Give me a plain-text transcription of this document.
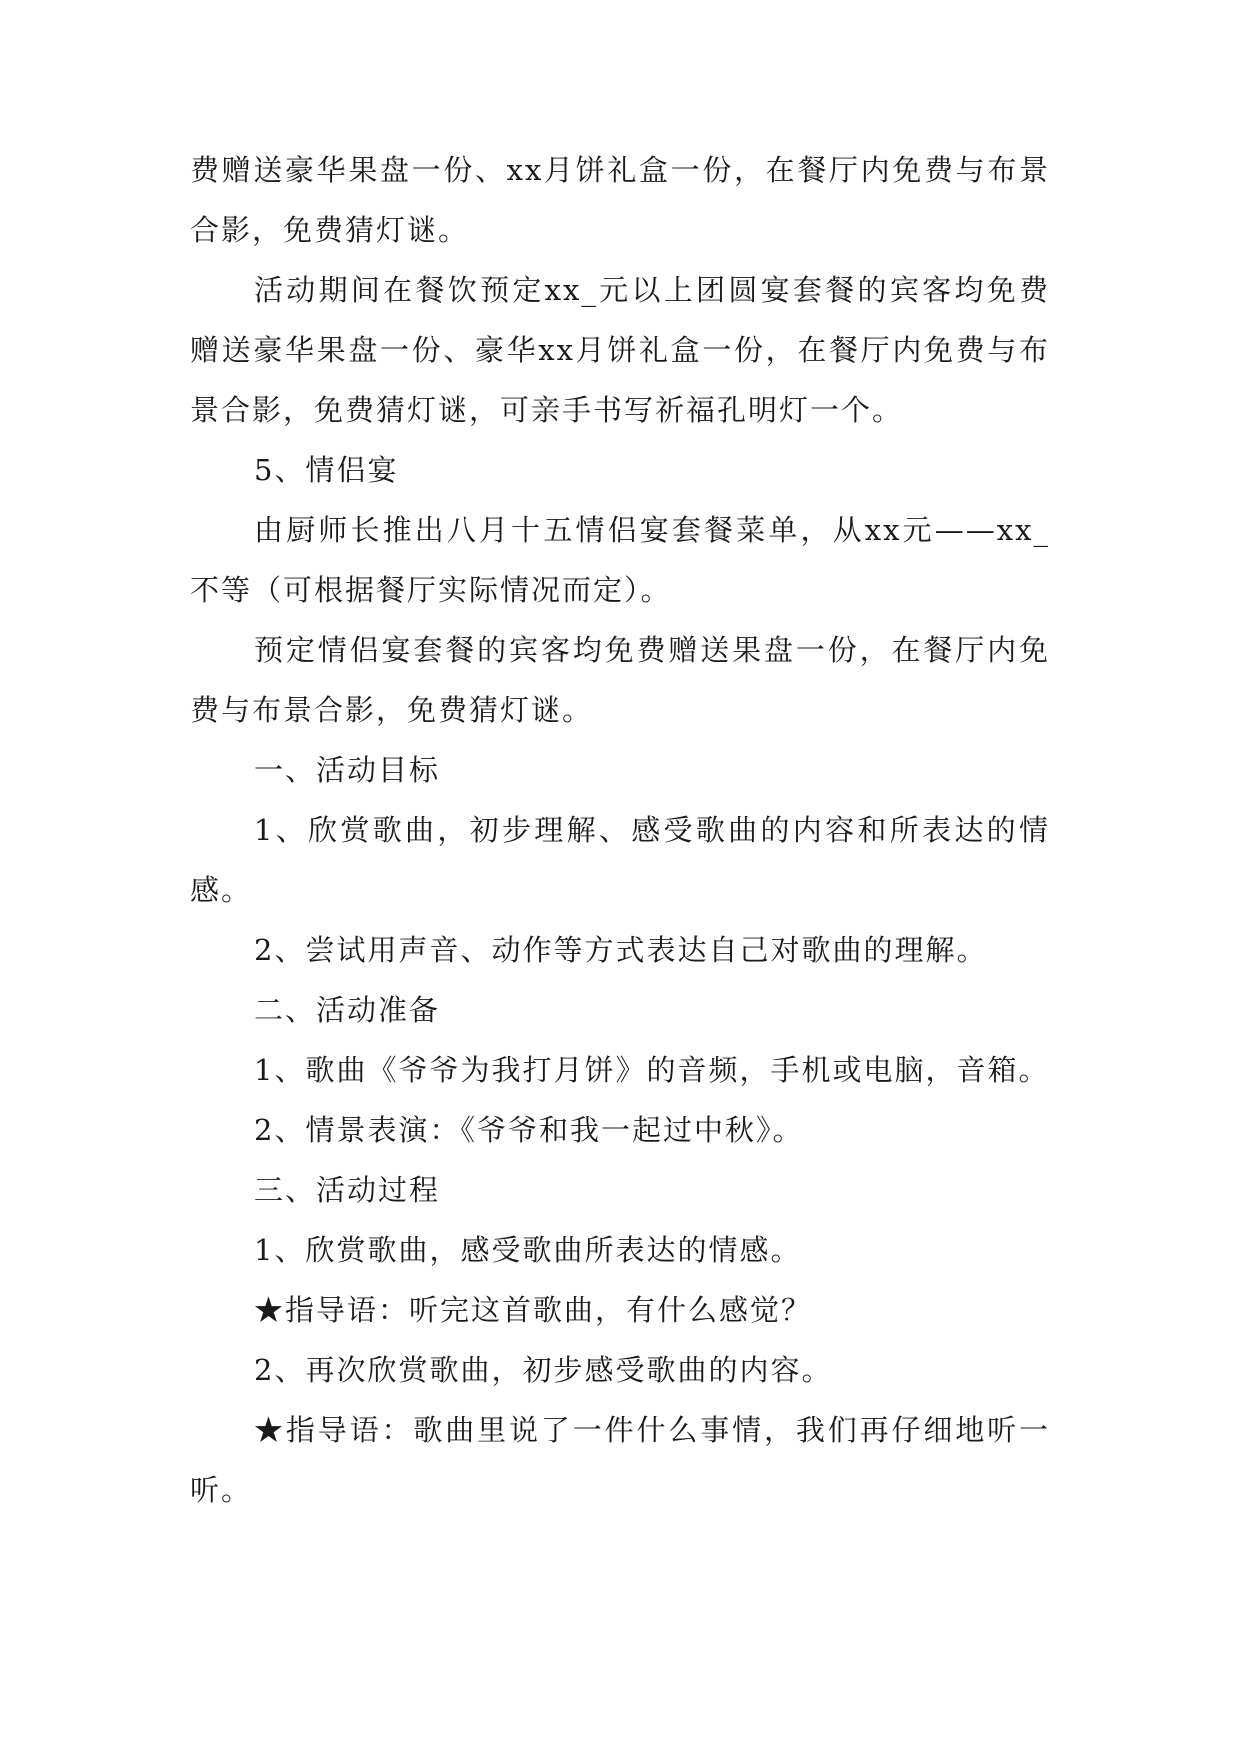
费赠送豪华果盘一份、xx月饼礼盒一份，在餐厅内免费与布景合影，免费猜灯谜。

活动期间在餐饮预定xx_元以上团圆宴套餐的宾客均免费赠送豪华果盘一份、豪华xx月饼礼盒一份，在餐厅内免费与布景合影，免费猜灯谜，可亲手书写祈福孔明灯一个。

5、情侣宴

由厨师长推出八月十五情侣宴套餐菜单，从xx元——xx_不等（可根据餐厅实际情况而定）。

预定情侣宴套餐的宾客均免费赠送果盘一份，在餐厅内免费与布景合影，免费猜灯谜。

一、活动目标

1、欣赏歌曲，初步理解、感受歌曲的内容和所表达的情感。

2、尝试用声音、动作等方式表达自己对歌曲的理解。

二、活动准备

1、歌曲《爷爷为我打月饼》的音频，手机或电脑，音箱。

2、情景表演：《爷爷和我一起过中秋》。

三、活动过程

1、欣赏歌曲，感受歌曲所表达的情感。

★指导语：听完这首歌曲，有什么感觉？

2、再次欣赏歌曲，初步感受歌曲的内容。

★指导语：歌曲里说了一件什么事情，我们再仔细地听一听。
